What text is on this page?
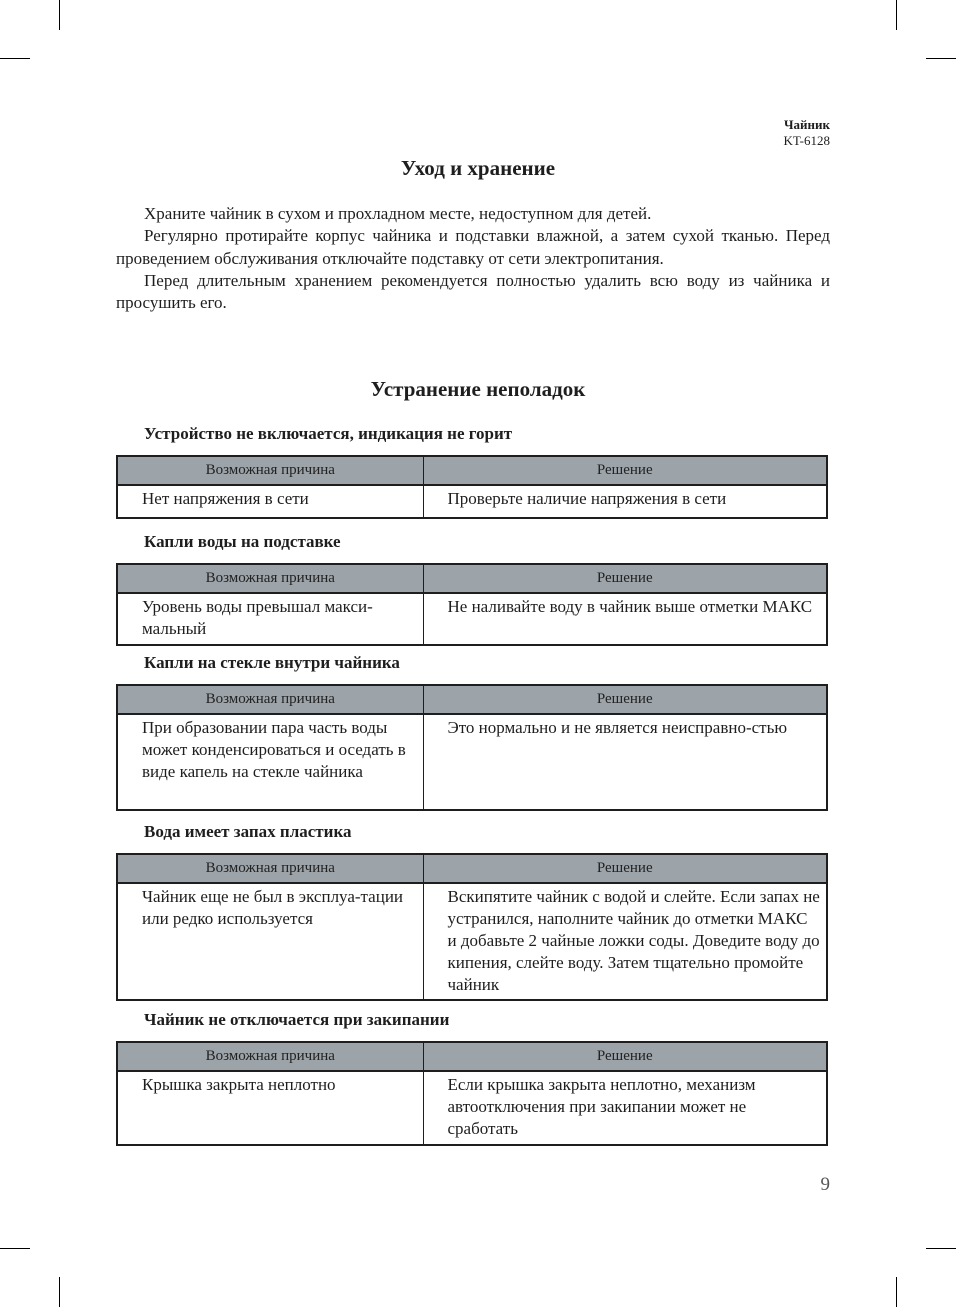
Чайник
KT-6128
Уход и хранение

Храните чайник в сухом и прохладном месте, недоступном для детей.

Регулярно протирайте корпус чайника и подставки влажной, а затем сухой тканью. Перед проведением обслуживания отключайте подставку от сети электропитания.

Перед длительным хранением рекомендуется полностью удалить всю воду из чайника и просушить его.

Устранение неполадок
Устройство не включается, индикация не горит
Возможная причина	Решение
Нет напряжения в сети	Проверьте наличие напряжения в сети
Капли воды на подставке
Возможная причина	Решение
Уровень воды превышал макси-мальный	Не наливайте воду в чайник выше отметки МАКС
Капли на стекле внутри чайника
Возможная причина	Решение
При образовании пара часть воды может конденсироваться и оседать в виде капель на стекле чайника	Это нормально и не является неисправно-стью
Вода имеет запах пластика
Возможная причина	Решение
Чайник еще не был в эксплуа-тации или редко используется	Вскипятите чайник с водой и слейте. Если запах не устранился, наполните чайник до отметки МАКС и добавьте 2 чайные ложки соды. Доведите воду до кипения, слейте воду. Затем тщательно промойте чайник
Чайник не отключается при закипании
Возможная причина	Решение
Крышка закрыта неплотно	Если крышка закрыта неплотно, механизм автоотключения при закипании может не сработать
9
